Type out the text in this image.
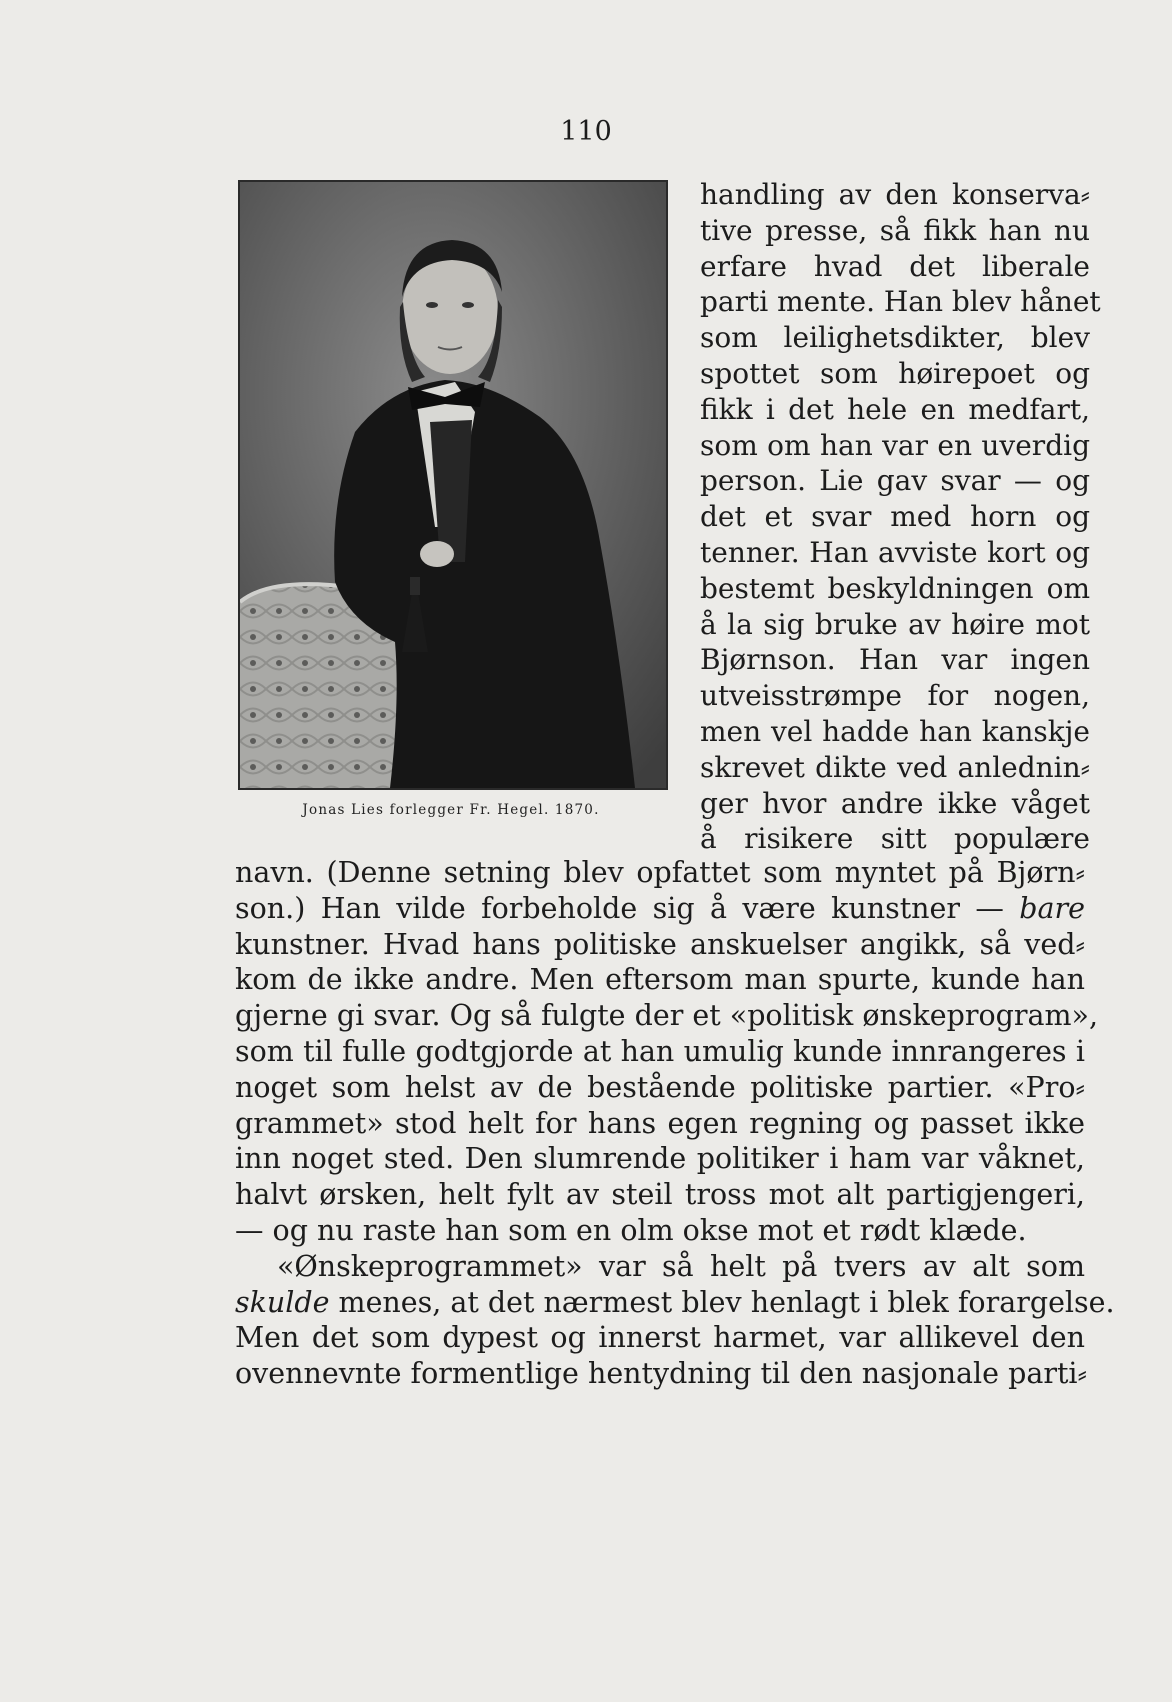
110
Jonas Lies forlegger Fr. Hegel. 1870.
handling av den konserva⸗
tive presse, så fikk han nu
erfare hvad det liberale
parti mente. Han blev hånet
som leilighetsdikter, blev
spottet som høirepoet og
fikk i det hele en medfart,
som om han var en uverdig
person. Lie gav svar — og
det et svar med horn og
tenner. Han avviste kort og
bestemt beskyldningen om
å la sig bruke av høire mot
Bjørnson. Han var ingen
utveisstrømpe for nogen,
men vel hadde han kanskje
skrevet dikte ved anlednin⸗
ger hvor andre ikke våget
å risikere sitt populære
navn. (Denne setning blev opfattet som myntet på Bjørn⸗
son.) Han vilde forbeholde sig å være kunstner — bare
kunstner. Hvad hans politiske anskuelser angikk, så ved⸗
kom de ikke andre. Men eftersom man spurte, kunde han
gjerne gi svar. Og så fulgte der et «politisk ønskeprogram»,
som til fulle godtgjorde at han umulig kunde innrangeres i
noget som helst av de bestående politiske partier. «Pro⸗
grammet» stod helt for hans egen regning og passet ikke
inn noget sted. Den slumrende politiker i ham var våknet,
halvt ørsken, helt fylt av steil tross mot alt partigjengeri,
— og nu raste han som en olm okse mot et rødt klæde.
«Ønskeprogrammet» var så helt på tvers av alt som
skulde menes, at det nærmest blev henlagt i blek forargelse.
Men det som dypest og innerst harmet, var allikevel den
ovennevnte formentlige hentydning til den nasjonale parti⸗
